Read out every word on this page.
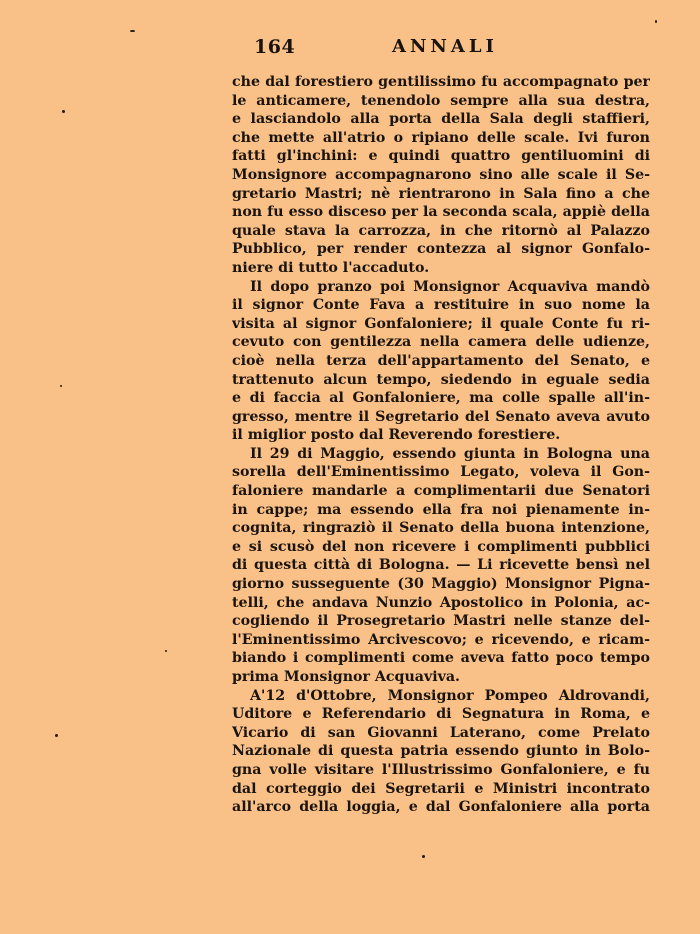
164	ANNALI
che dal forestiero gentilissimo fu accompagnato per
le anticamere, tenendolo sempre alla sua destra,
e lasciandolo alla porta della Sala degli staffieri,
che mette all'atrio o ripiano delle scale. Ivi furon
fatti gl'inchini: e quindi quattro gentiluomini di
Monsignore accompagnarono sino alle scale il Se-
gretario Mastri; nè rientrarono in Sala fino a che
non fu esso disceso per la seconda scala, appiè della
quale stava la carrozza, in che ritornò al Palazzo
Pubblico, per render contezza al signor Gonfalo-
niere di tutto l'accaduto.
Il dopo pranzo poi Monsignor Acquaviva mandò
il signor Conte Fava a restituire in suo nome la
visita al signor Gonfaloniere; il quale Conte fu ri-
cevuto con gentilezza nella camera delle udienze,
cioè nella terza dell'appartamento del Senato, e
trattenuto alcun tempo, siedendo in eguale sedia
e di faccia al Gonfaloniere, ma colle spalle all'in-
gresso, mentre il Segretario del Senato aveva avuto
il miglior posto dal Reverendo forestiere.
Il 29 di Maggio, essendo giunta in Bologna una
sorella dell'Eminentissimo Legato, voleva il Gon-
faloniere mandarle a complimentarii due Senatori
in cappe; ma essendo ella fra noi pienamente in-
cognita, ringraziò il Senato della buona intenzione,
e si scusò del non ricevere i complimenti pubblici
di questa città di Bologna. — Li ricevette bensì nel
giorno susseguente (30 Maggio) Monsignor Pigna-
telli, che andava Nunzio Apostolico in Polonia, ac-
cogliendo il Prosegretario Mastri nelle stanze del-
l'Eminentissimo Arcivescovo; e ricevendo, e ricam-
biando i complimenti come aveva fatto poco tempo
prima Monsignor Acquaviva.
A'12 d'Ottobre, Monsignor Pompeo Aldrovandi,
Uditore e Referendario di Segnatura in Roma, e
Vicario di san Giovanni Laterano, come Prelato
Nazionale di questa patria essendo giunto in Bolo-
gna volle visitare l'Illustrissimo Gonfaloniere, e fu
dal corteggio dei Segretarii e Ministri incontrato
all'arco della loggia, e dal Gonfaloniere alla porta
